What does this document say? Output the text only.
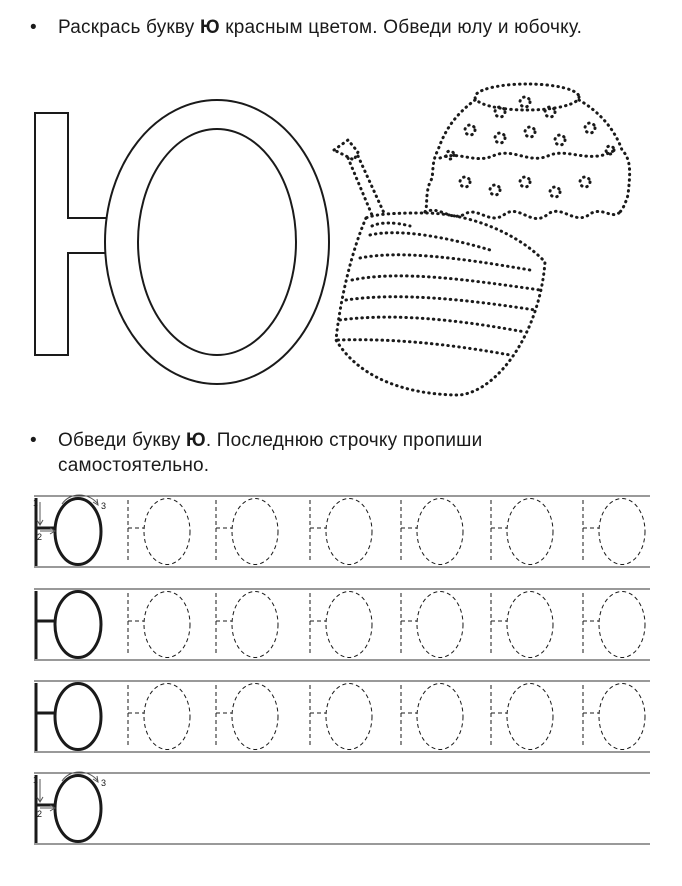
•	Раскрась букву Ю красным цветом. Обведи юлу и юбочку.
•	Обведи букву Ю. Последнюю строчку пропиши самостоятельно.
1
2
3
1
2
3
